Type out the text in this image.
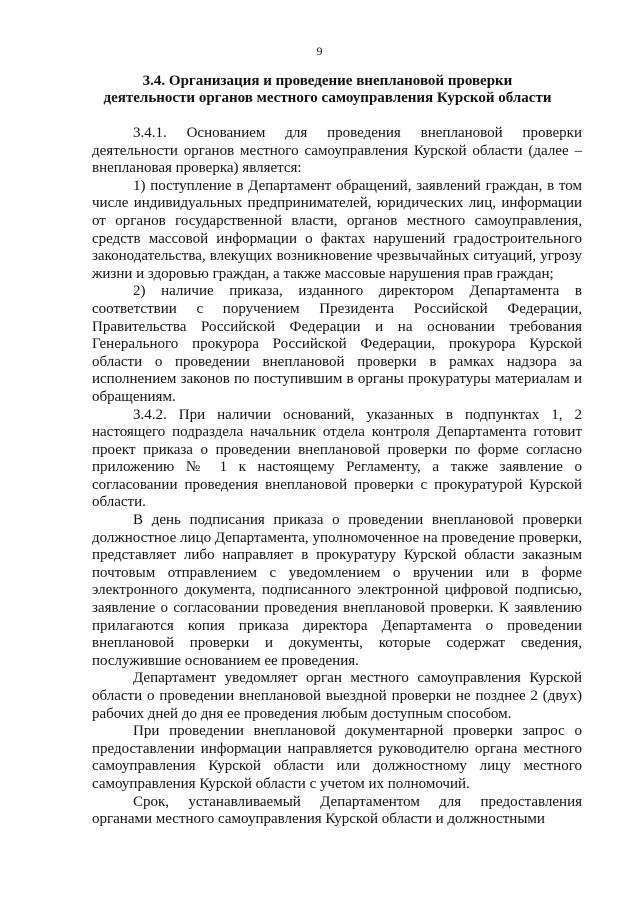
9
3.4. Организация и проведение внеплановой проверки
деятельности органов местного самоуправления Курской области

3.4.1. Основанием для проведения внеплановой проверки деятельности органов местного самоуправления Курской области (далее – внеплановая проверка) является:

1) поступление в Департамент обращений, заявлений граждан, в том числе индивидуальных предпринимателей, юридических лиц, информации от органов государственной власти, органов местного самоуправления, средств массовой информации о фактах нарушений градостроительного законодательства, влекущих возникновение чрезвычайных ситуаций, угрозу жизни и здоровью граждан, а также массовые нарушения прав граждан;

2) наличие приказа, изданного директором Департамента в соответствии с поручением Президента Российской Федерации, Правительства Российской Федерации и на основании требования Генерального прокурора Российской Федерации, прокурора Курской области о проведении внеплановой проверки в рамках надзора за исполнением законов по поступившим в органы прокуратуры материалам и обращениям.

3.4.2. При наличии оснований, указанных в подпунктах 1, 2 настоящего подраздела начальник отдела контроля Департамента готовит проект приказа о проведении внеплановой проверки по форме согласно приложению № 1 к настоящему Регламенту, а также заявление о согласовании проведения внеплановой проверки с прокуратурой Курской области.

В день подписания приказа о проведении внеплановой проверки должностное лицо Департамента, уполномоченное на проведение проверки, представляет либо направляет в прокуратуру Курской области заказным почтовым отправлением с уведомлением о вручении или в форме электронного документа, подписанного электронной цифровой подписью, заявление о согласовании проведения внеплановой проверки. К заявлению прилагаются копия приказа директора Департамента о проведении внеплановой проверки и документы, которые содержат сведения, послужившие основанием ее проведения.

Департамент уведомляет орган местного самоуправления Курской области о проведении внеплановой выездной проверки не позднее 2 (двух) рабочих дней до дня ее проведения любым доступным способом.

При проведении внеплановой документарной проверки запрос о предоставлении информации направляется руководителю органа местного самоуправления Курской области или должностному лицу местного самоуправления Курской области с учетом их полномочий.

Срок, устанавливаемый Департаментом для предоставления органами местного самоуправления Курской области и должностными
